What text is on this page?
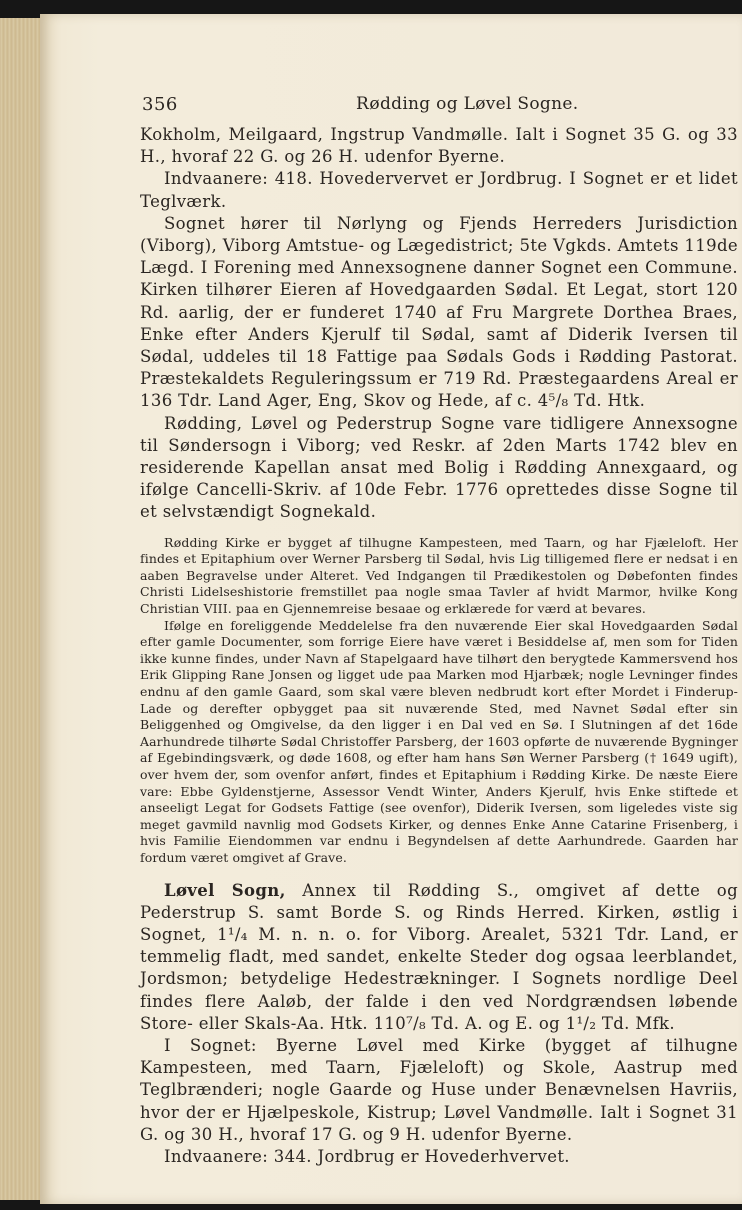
356	Rødding og Løvel Sogne.

Kokholm, Meilgaard, Ingstrup Vandmølle. Ialt i Sognet 35 G. og 33 H., hvoraf 22 G. og 26 H. udenfor Byerne.

Indvaanere: 418. Hovedervervet er Jordbrug. I Sognet er et lidet Teglværk.

Sognet hører til Nørlyng og Fjends Herreders Jurisdiction (Viborg), Viborg Amtstue- og Lægedistrict; 5te Vgkds. Amtets 119de Lægd. I Forening med Annexsognene danner Sognet een Commune. Kirken tilhører Eieren af Hovedgaarden Sødal. Et Legat, stort 120 Rd. aarlig, der er funderet 1740 af Fru Margrete Dorthea Braes, Enke efter Anders Kjerulf til Sødal, samt af Diderik Iversen til Sødal, uddeles til 18 Fattige paa Sødals Gods i Rødding Pastorat. Præstekaldets Reguleringssum er 719 Rd. Præstegaardens Areal er 136 Tdr. Land Ager, Eng, Skov og Hede, af c. 4⁵/₈ Td. Htk.

Rødding, Løvel og Pederstrup Sogne vare tidligere Annexsogne til Søndersogn i Viborg; ved Reskr. af 2den Marts 1742 blev en residerende Kapellan ansat med Bolig i Rødding Annexgaard, og ifølge Cancelli-Skriv. af 10de Febr. 1776 oprettedes disse Sogne til et selvstændigt Sognekald.

Rødding Kirke er bygget af tilhugne Kampesteen, med Taarn, og har Fjæleloft. Her findes et Epitaphium over Werner Parsberg til Sødal, hvis Lig tilligemed flere er nedsat i en aaben Begravelse under Alteret. Ved Indgangen til Prædikestolen og Døbefonten findes Christi Lidelseshistorie fremstillet paa nogle smaa Tavler af hvidt Marmor, hvilke Kong Christian VIII. paa en Gjennemreise besaae og erklærede for værd at bevares.

Ifølge en foreliggende Meddelelse fra den nuværende Eier skal Hovedgaarden Sødal efter gamle Documenter, som forrige Eiere have været i Besiddelse af, men som for Tiden ikke kunne findes, under Navn af Stapelgaard have tilhørt den berygtede Kammersvend hos Erik Glipping Rane Jonsen og ligget ude paa Marken mod Hjarbæk; nogle Levninger findes endnu af den gamle Gaard, som skal være bleven nedbrudt kort efter Mordet i Finderup-Lade og derefter opbygget paa sit nuværende Sted, med Navnet Sødal efter sin Beliggenhed og Omgivelse, da den ligger i en Dal ved en Sø. I Slutningen af det 16de Aarhundrede tilhørte Sødal Christoffer Parsberg, der 1603 opførte de nuværende Bygninger af Egebindingsværk, og døde 1608, og efter ham hans Søn Werner Parsberg († 1649 ugift), over hvem der, som ovenfor anført, findes et Epitaphium i Rødding Kirke. De næste Eiere vare: Ebbe Gyldenstjerne, Assessor Vendt Winter, Anders Kjerulf, hvis Enke stiftede et anseeligt Legat for Godsets Fattige (see ovenfor), Diderik Iversen, som ligeledes viste sig meget gavmild navnlig mod Godsets Kirker, og dennes Enke Anne Catarine Frisenberg, i hvis Familie Eiendommen var endnu i Begyndelsen af dette Aarhundrede. Gaarden har fordum været omgivet af Grave.

Løvel Sogn, Annex til Rødding S., omgivet af dette og Pederstrup S. samt Borde S. og Rinds Herred. Kirken, østlig i Sognet, 1¹/₄ M. n. n. o. for Viborg. Arealet, 5321 Tdr. Land, er temmelig fladt, med sandet, enkelte Steder dog ogsaa leerblandet, Jordsmon; betydelige Hedestrækninger. I Sognets nordlige Deel findes flere Aaløb, der falde i den ved Nordgrændsen løbende Store- eller Skals-Aa. Htk. 110⁷/₈ Td. A. og E. og 1¹/₂ Td. Mfk.

I Sognet: Byerne Løvel med Kirke (bygget af tilhugne Kampesteen, med Taarn, Fjæleloft) og Skole, Aastrup med Teglbrænderi; nogle Gaarde og Huse under Benævnelsen Havriis, hvor der er Hjælpeskole, Kistrup; Løvel Vandmølle. Ialt i Sognet 31 G. og 30 H., hvoraf 17 G. og 9 H. udenfor Byerne.

Indvaanere: 344. Jordbrug er Hovederhvervet.
